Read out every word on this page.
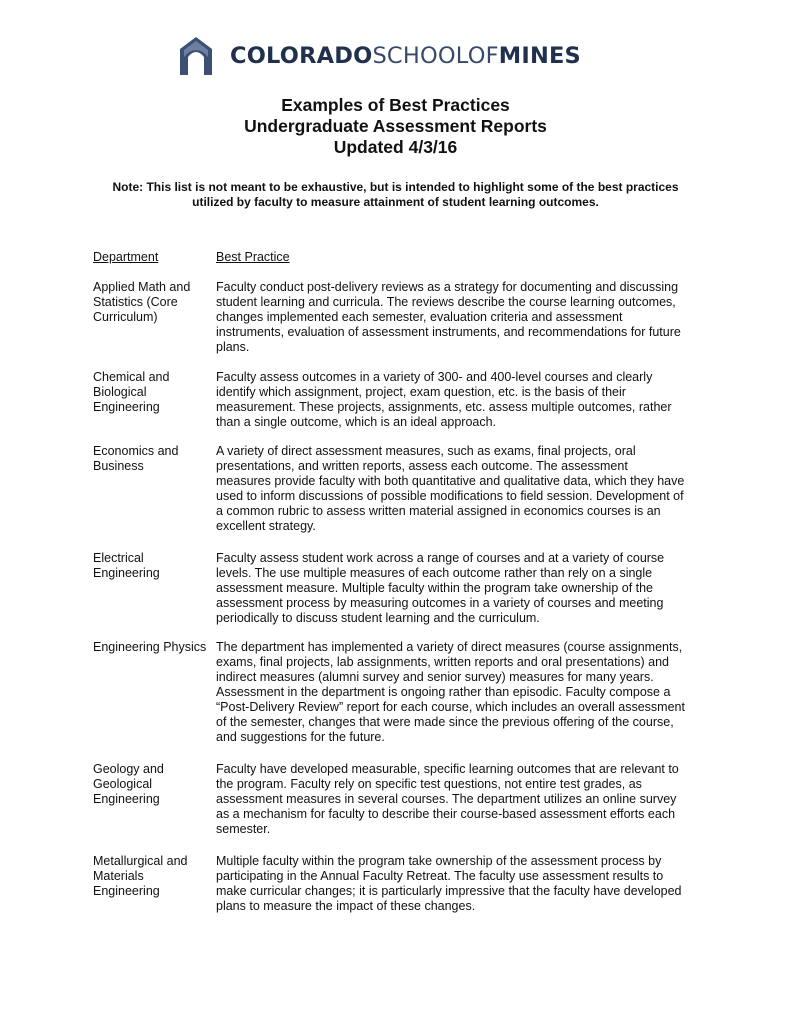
COLORADOSCHOOLOFMINES
Examples of Best Practices
Undergraduate Assessment Reports
Updated 4/3/16
Note: This list is not meant to be exhaustive, but is intended to highlight some of the best practices utilized by faculty to measure attainment of student learning outcomes.
Department	Best Practice
Applied Math and Statistics (Core Curriculum)
Faculty conduct post-delivery reviews as a strategy for documenting and discussing student learning and curricula. The reviews describe the course learning outcomes, changes implemented each semester, evaluation criteria and assessment instruments, evaluation of assessment instruments, and recommendations for future plans.
Chemical and Biological Engineering
Faculty assess outcomes in a variety of 300- and 400-level courses and clearly identify which assignment, project, exam question, etc. is the basis of their measurement. These projects, assignments, etc. assess multiple outcomes, rather than a single outcome, which is an ideal approach.
Economics and Business
A variety of direct assessment measures, such as exams, final projects, oral presentations, and written reports, assess each outcome. The assessment measures provide faculty with both quantitative and qualitative data, which they have used to inform discussions of possible modifications to field session. Development of a common rubric to assess written material assigned in economics courses is an excellent strategy.
Electrical Engineering
Faculty assess student work across a range of courses and at a variety of course levels. The use multiple measures of each outcome rather than rely on a single assessment measure. Multiple faculty within the program take ownership of the assessment process by measuring outcomes in a variety of courses and meeting periodically to discuss student learning and the curriculum.
Engineering Physics The department has implemented a variety of direct measures (course assignments, exams, final projects, lab assignments, written reports and oral presentations) and indirect measures (alumni survey and senior survey) measures for many years. Assessment in the department is ongoing rather than episodic. Faculty compose a “Post-Delivery Review” report for each course, which includes an overall assessment of the semester, changes that were made since the previous offering of the course, and suggestions for the future.
Geology and Geological Engineering
Faculty have developed measurable, specific learning outcomes that are relevant to the program. Faculty rely on specific test questions, not entire test grades, as assessment measures in several courses. The department utilizes an online survey as a mechanism for faculty to describe their course-based assessment efforts each semester.
Metallurgical and Materials Engineering
Multiple faculty within the program take ownership of the assessment process by participating in the Annual Faculty Retreat. The faculty use assessment results to make curricular changes; it is particularly impressive that the faculty have developed plans to measure the impact of these changes.
